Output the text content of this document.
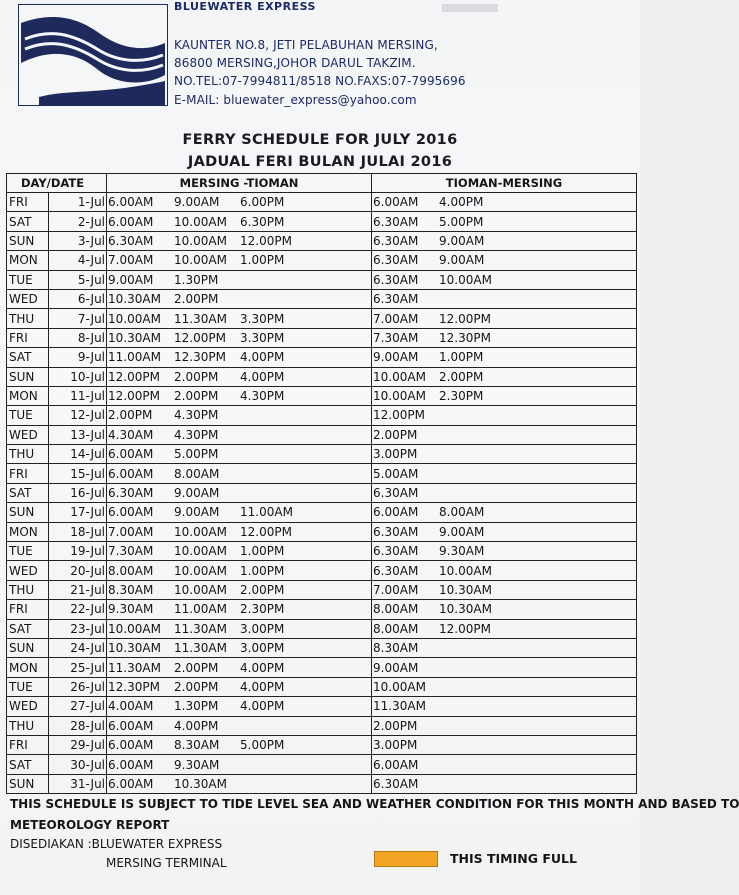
BLUEWATER EXPRESS
KAUNTER NO.8, JETI PELABUHAN MERSING,
86800 MERSING,JOHOR DARUL TAKZIM.
NO.TEL:07-7994811/8518 NO.FAXS:07-7995696
E-MAIL: bluewater_express@yahoo.com
FERRY SCHEDULE FOR JULY 2016
JADUAL FERI BULAN JULAI 2016
DAY/DATE		MERSING -TIOMAN	TIOMAN-MERSING
FRI	1-Jul	6.00AM 9.00AM 6.00PM	6.00AM 4.00PM
SAT	2-Jul	6.00AM 10.00AM 6.30PM	6.30AM 5.00PM
SUN	3-Jul	6.30AM 10.00AM 12.00PM	6.30AM 9.00AM
MON	4-Jul	7.00AM 10.00AM 1.00PM	6.30AM 9.00AM
TUE	5-Jul	9.00AM 1.30PM	6.30AM 10.00AM
WED	6-Jul	10.30AM 2.00PM	6.30AM
THU	7-Jul	10.00AM 11.30AM 3.30PM	7.00AM 12.00PM
FRI	8-Jul	10.30AM 12.00PM 3.30PM	7.30AM 12.30PM
SAT	9-Jul	11.00AM 12.30PM 4.00PM	9.00AM 1.00PM
SUN	10-Jul	12.00PM 2.00PM 4.00PM	10.00AM 2.00PM
MON	11-Jul	12.00PM 2.00PM 4.30PM	10.00AM 2.30PM
TUE	12-Jul	2.00PM 4.30PM	12.00PM
WED	13-Jul	4.30AM 4.30PM	2.00PM
THU	14-Jul	6.00AM 5.00PM	3.00PM
FRI	15-Jul	6.00AM 8.00AM	5.00AM
SAT	16-Jul	6.30AM 9.00AM	6.30AM
SUN	17-Jul	6.00AM 9.00AM 11.00AM	6.00AM 8.00AM
MON	18-Jul	7.00AM 10.00AM 12.00PM	6.30AM 9.00AM
TUE	19-Jul	7.30AM 10.00AM 1.00PM	6.30AM 9.30AM
WED	20-Jul	8.00AM 10.00AM 1.00PM	6.30AM 10.00AM
THU	21-Jul	8.30AM 10.00AM 2.00PM	7.00AM 10.30AM
FRI	22-Jul	9.30AM 11.00AM 2.30PM	8.00AM 10.30AM
SAT	23-Jul	10.00AM 11.30AM 3.00PM	8.00AM 12.00PM
SUN	24-Jul	10.30AM 11.30AM 3.00PM	8.30AM
MON	25-Jul	11.30AM 2.00PM 4.00PM	9.00AM
TUE	26-Jul	12.30PM 2.00PM 4.00PM	10.00AM
WED	27-Jul	4.00AM 1.30PM 4.00PM	11.30AM
THU	28-Jul	6.00AM 4.00PM	2.00PM
FRI	29-Jul	6.00AM 8.30AM 5.00PM	3.00PM
SAT	30-Jul	6.00AM 9.30AM	6.00AM
SUN	31-Jul	6.00AM 10.30AM	6.30AM
THIS SCHEDULE IS SUBJECT TO TIDE LEVEL SEA AND WEATHER CONDITION FOR THIS MONTH AND BASED TO
METEOROLOGY REPORT
DISEDIAKAN :BLUEWATER EXPRESS
MERSING TERMINAL	THIS TIMING FULL
